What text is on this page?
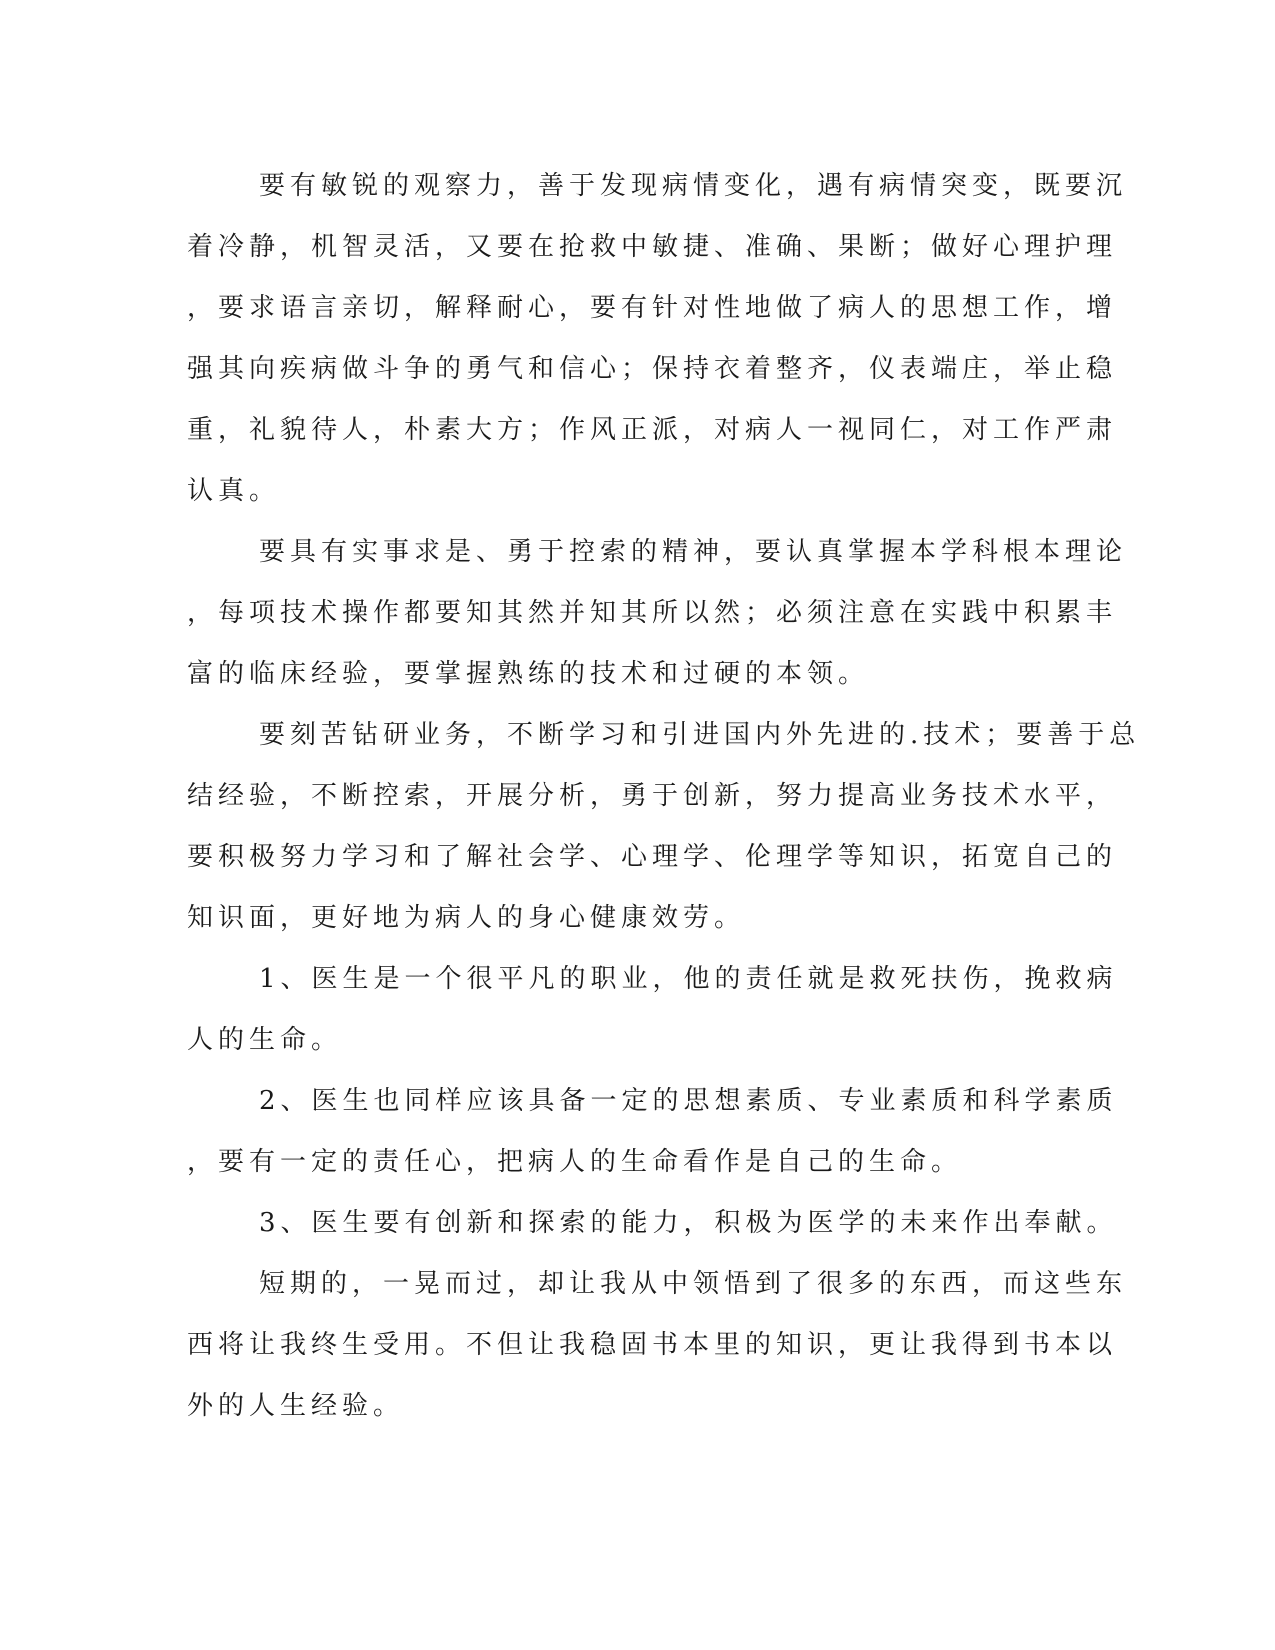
要有敏锐的观察力，善于发现病情变化，遇有病情突变，既要沉
着冷静，机智灵活，又要在抢救中敏捷、准确、果断；做好心理护理
，要求语言亲切，解释耐心，要有针对性地做了病人的思想工作，增
强其向疾病做斗争的勇气和信心；保持衣着整齐，仪表端庄，举止稳
重，礼貌待人，朴素大方；作风正派，对病人一视同仁，对工作严肃
认真。

要具有实事求是、勇于控索的精神，要认真掌握本学科根本理论
，每项技术操作都要知其然并知其所以然；必须注意在实践中积累丰
富的临床经验，要掌握熟练的技术和过硬的本领。

要刻苦钻研业务，不断学习和引进国内外先进的.技术；要善于总
结经验，不断控索，开展分析，勇于创新，努力提高业务技术水平，
要积极努力学习和了解社会学、心理学、伦理学等知识，拓宽自己的
知识面，更好地为病人的身心健康效劳。

1、医生是一个很平凡的职业，他的责任就是救死扶伤，挽救病
人的生命。

2、医生也同样应该具备一定的思想素质、专业素质和科学素质
，要有一定的责任心，把病人的生命看作是自己的生命。

3、医生要有创新和探索的能力，积极为医学的未来作出奉献。

短期的，一晃而过，却让我从中领悟到了很多的东西，而这些东
西将让我终生受用。不但让我稳固书本里的知识，更让我得到书本以
外的人生经验。
